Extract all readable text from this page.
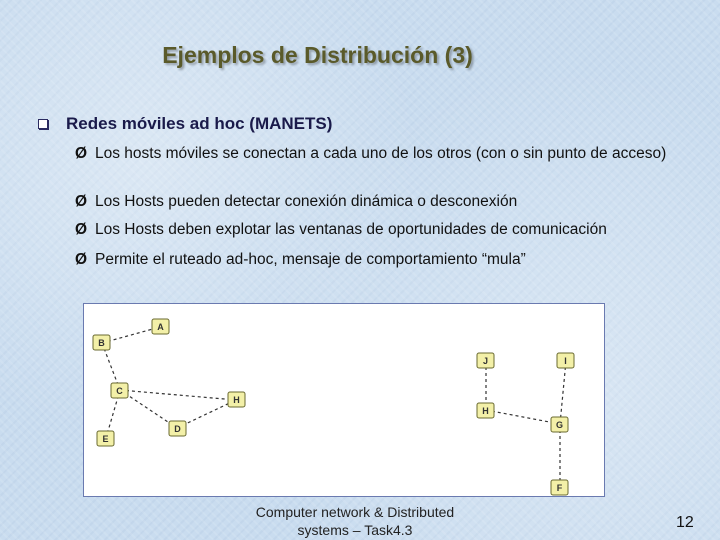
Ejemplos de Distribución (3)
Redes móviles ad hoc (MANETS)
Ø Los hosts móviles se conectan a cada uno de los otros (con o sin punto de acceso)
Ø Los Hosts pueden detectar conexión dinámica o desconexión
Ø Los Hosts deben explotar las ventanas de oportunidades de comunicación
Ø Permite el ruteado ad-hoc, mensaje de comportamiento “mula”
A
B
C
D
E
H
J	I
H
G
F
Computer network & Distributed
systems – Task4.3	12
